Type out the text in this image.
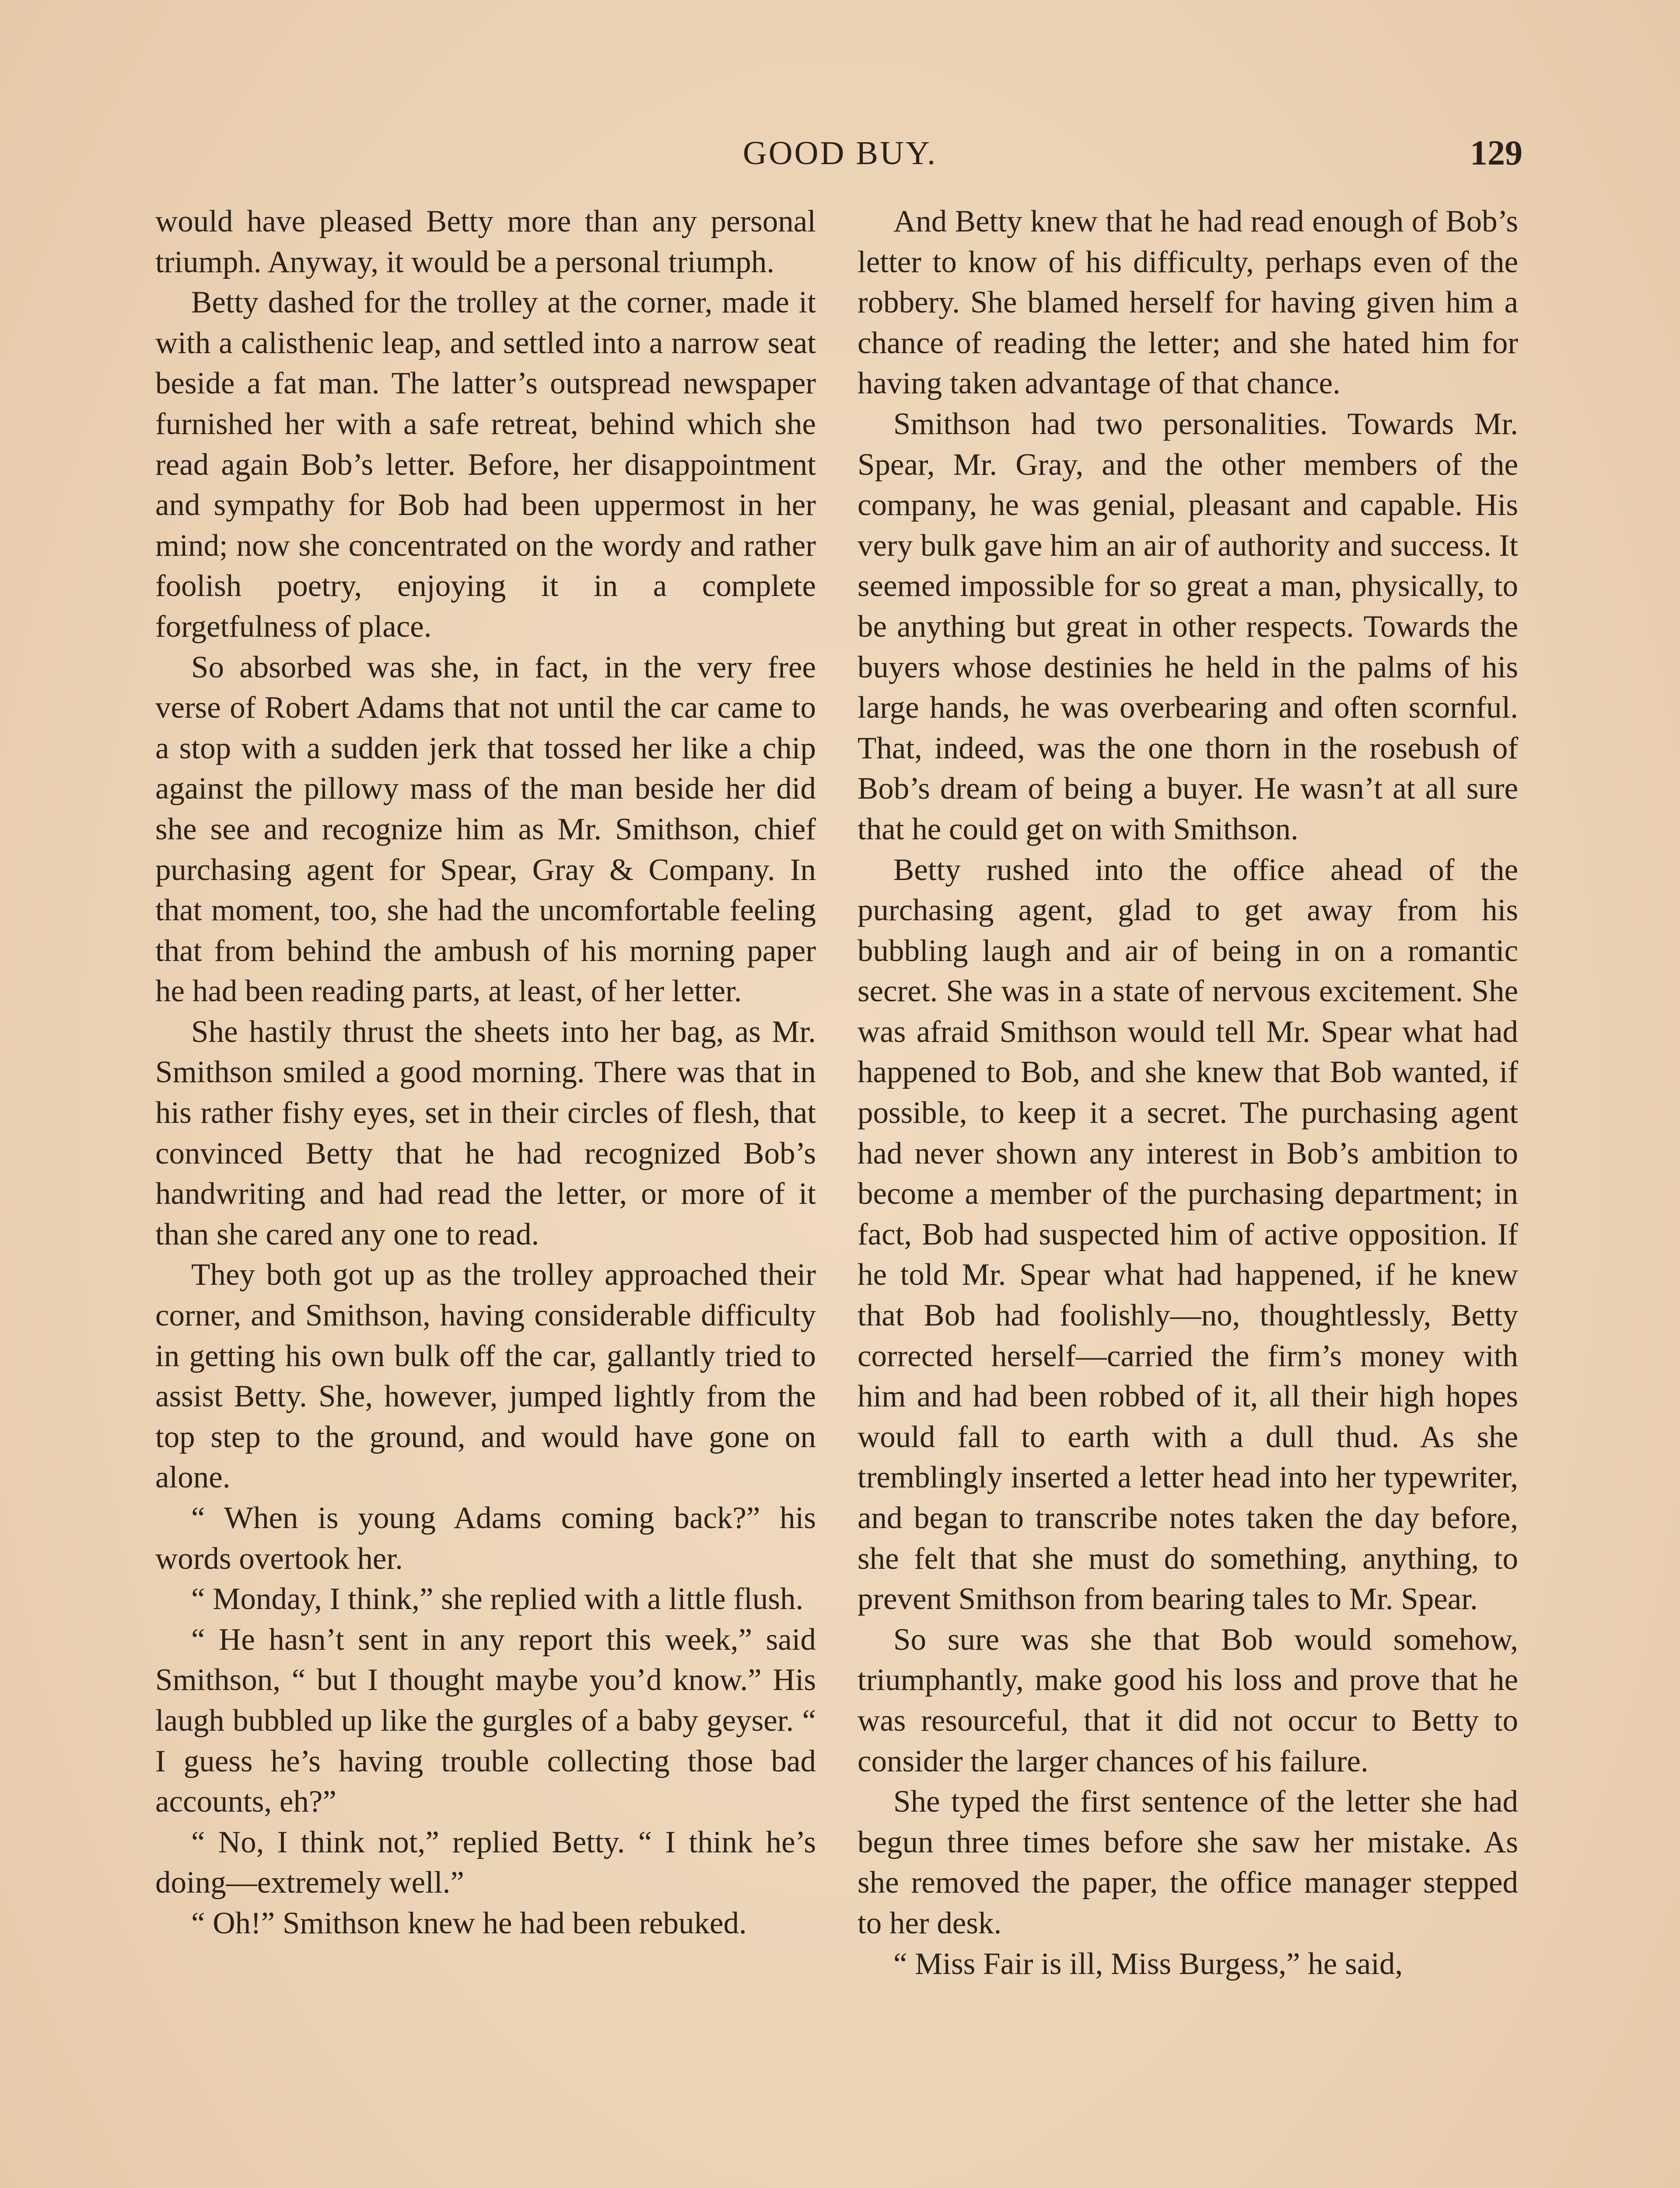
GOOD BUY.	129

would have pleased Betty more than any personal triumph. Anyway, it would be a personal triumph.

Betty dashed for the trolley at the corner, made it with a calisthenic leap, and settled into a narrow seat beside a fat man. The latter’s outspread newspaper furnished her with a safe retreat, behind which she read again Bob’s letter. Before, her disappointment and sympathy for Bob had been uppermost in her mind; now she concentrated on the wordy and rather foolish poetry, enjoying it in a complete forgetfulness of place.

So absorbed was she, in fact, in the very free verse of Robert Adams that not until the car came to a stop with a sudden jerk that tossed her like a chip against the pillowy mass of the man beside her did she see and recognize him as Mr. Smithson, chief purchasing agent for Spear, Gray & Company. In that moment, too, she had the uncomfortable feeling that from behind the ambush of his morning paper he had been reading parts, at least, of her letter.

She hastily thrust the sheets into her bag, as Mr. Smithson smiled a good morning. There was that in his rather fishy eyes, set in their circles of flesh, that convinced Betty that he had recognized Bob’s handwriting and had read the letter, or more of it than she cared any one to read.

They both got up as the trolley approached their corner, and Smithson, having considerable difficulty in getting his own bulk off the car, gallantly tried to assist Betty. She, however, jumped lightly from the top step to the ground, and would have gone on alone.

“ When is young Adams coming back?” his words overtook her.

“ Monday, I think,” she replied with a little flush.

“ He hasn’t sent in any report this week,” said Smithson, “ but I thought maybe you’d know.” His laugh bubbled up like the gurgles of a baby geyser. “ I guess he’s having trouble collecting those bad accounts, eh?”

“ No, I think not,” replied Betty. “ I think he’s doing—extremely well.”

“ Oh!” Smithson knew he had been rebuked.

And Betty knew that he had read enough of Bob’s letter to know of his difficulty, perhaps even of the robbery. She blamed herself for having given him a chance of reading the letter; and she hated him for having taken advantage of that chance.

Smithson had two personalities. Towards Mr. Spear, Mr. Gray, and the other members of the company, he was genial, pleasant and capable. His very bulk gave him an air of authority and success. It seemed impossible for so great a man, physically, to be anything but great in other respects. Towards the buyers whose destinies he held in the palms of his large hands, he was overbearing and often scornful. That, indeed, was the one thorn in the rosebush of Bob’s dream of being a buyer. He wasn’t at all sure that he could get on with Smithson.

Betty rushed into the office ahead of the purchasing agent, glad to get away from his bubbling laugh and air of being in on a romantic secret. She was in a state of nervous excitement. She was afraid Smithson would tell Mr. Spear what had happened to Bob, and she knew that Bob wanted, if possible, to keep it a secret. The purchasing agent had never shown any interest in Bob’s ambition to become a member of the purchasing department; in fact, Bob had suspected him of active opposition. If he told Mr. Spear what had happened, if he knew that Bob had foolishly—no, thoughtlessly, Betty corrected herself—carried the firm’s money with him and had been robbed of it, all their high hopes would fall to earth with a dull thud. As she tremblingly inserted a letter head into her typewriter, and began to transcribe notes taken the day before, she felt that she must do something, anything, to prevent Smithson from bearing tales to Mr. Spear.

So sure was she that Bob would somehow, triumphantly, make good his loss and prove that he was resourceful, that it did not occur to Betty to consider the larger chances of his failure.

She typed the first sentence of the letter she had begun three times before she saw her mistake. As she removed the paper, the office manager stepped to her desk.

“ Miss Fair is ill, Miss Burgess,” he said,
